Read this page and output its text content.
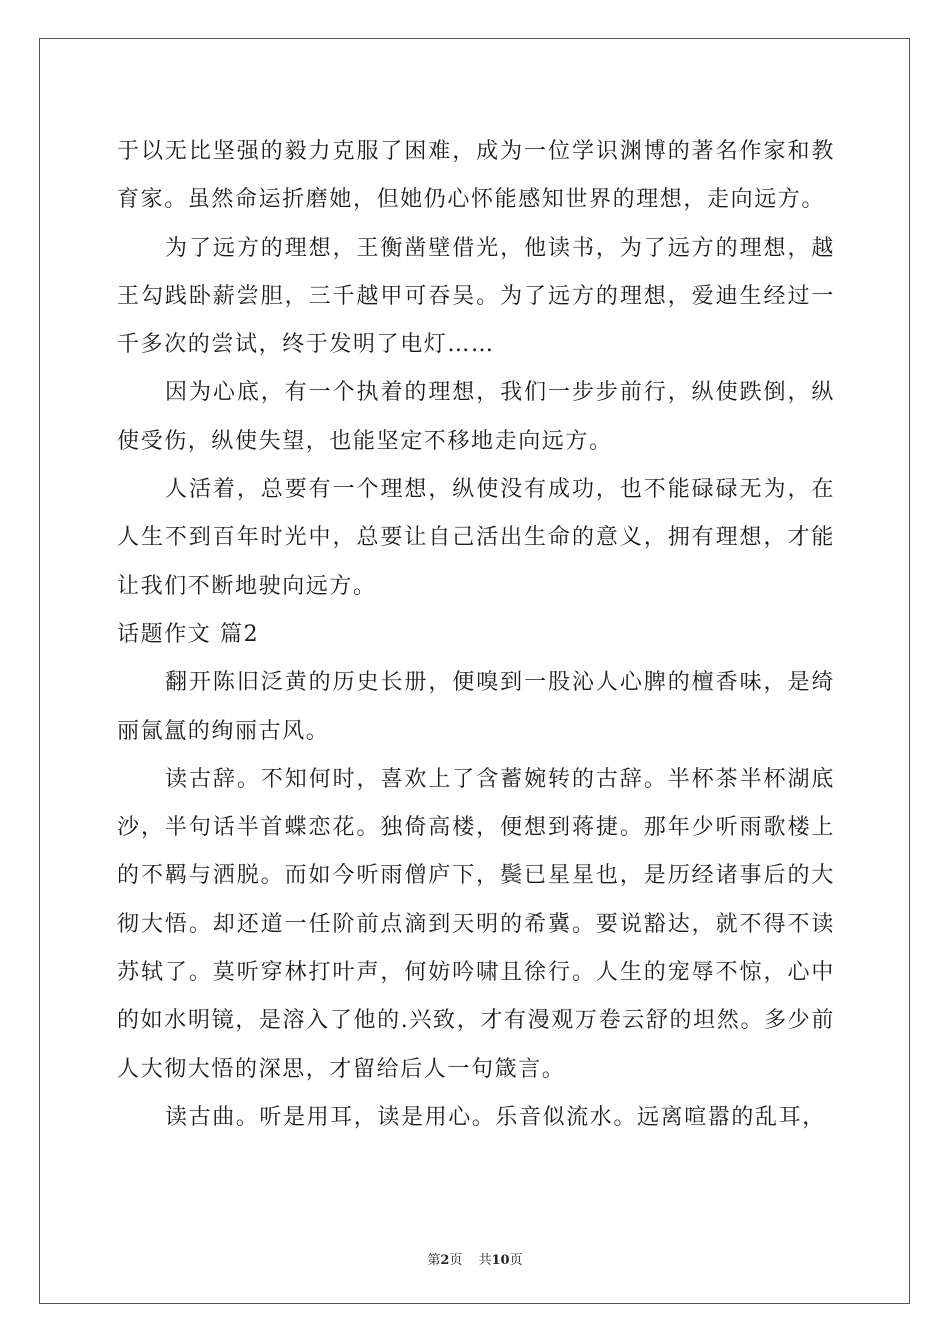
于以无比坚强的毅力克服了困难，成为一位学识渊博的著名作家和教育家。虽然命运折磨她，但她仍心怀能感知世界的理想，走向远方。

为了远方的理想，王衡凿壁借光，他读书，为了远方的理想，越王勾践卧薪尝胆，三千越甲可吞吴。为了远方的理想，爱迪生经过一千多次的尝试，终于发明了电灯……

因为心底，有一个执着的理想，我们一步步前行，纵使跌倒，纵使受伤，纵使失望，也能坚定不移地走向远方。

人活着，总要有一个理想，纵使没有成功，也不能碌碌无为，在人生不到百年时光中，总要让自己活出生命的意义，拥有理想，才能让我们不断地驶向远方。

话题作文 篇2

翻开陈旧泛黄的历史长册，便嗅到一股沁人心脾的檀香味，是绮丽氤氲的绚丽古风。

读古辞。不知何时，喜欢上了含蓄婉转的古辞。半杯茶半杯湖底沙，半句话半首蝶恋花。独倚高楼，便想到蒋捷。那年少听雨歌楼上的不羁与洒脱。而如今听雨僧庐下，鬓已星星也，是历经诸事后的大彻大悟。却还道一任阶前点滴到天明的希冀。要说豁达，就不得不读苏轼了。莫听穿林打叶声，何妨吟啸且徐行。人生的宠辱不惊，心中的如水明镜，是溶入了他的.兴致，才有漫观万卷云舒的坦然。多少前人大彻大悟的深思，才留给后人一句箴言。

读古曲。听是用耳，读是用心。乐音似流水。远离喧嚣的乱耳，

第2页 共10页
